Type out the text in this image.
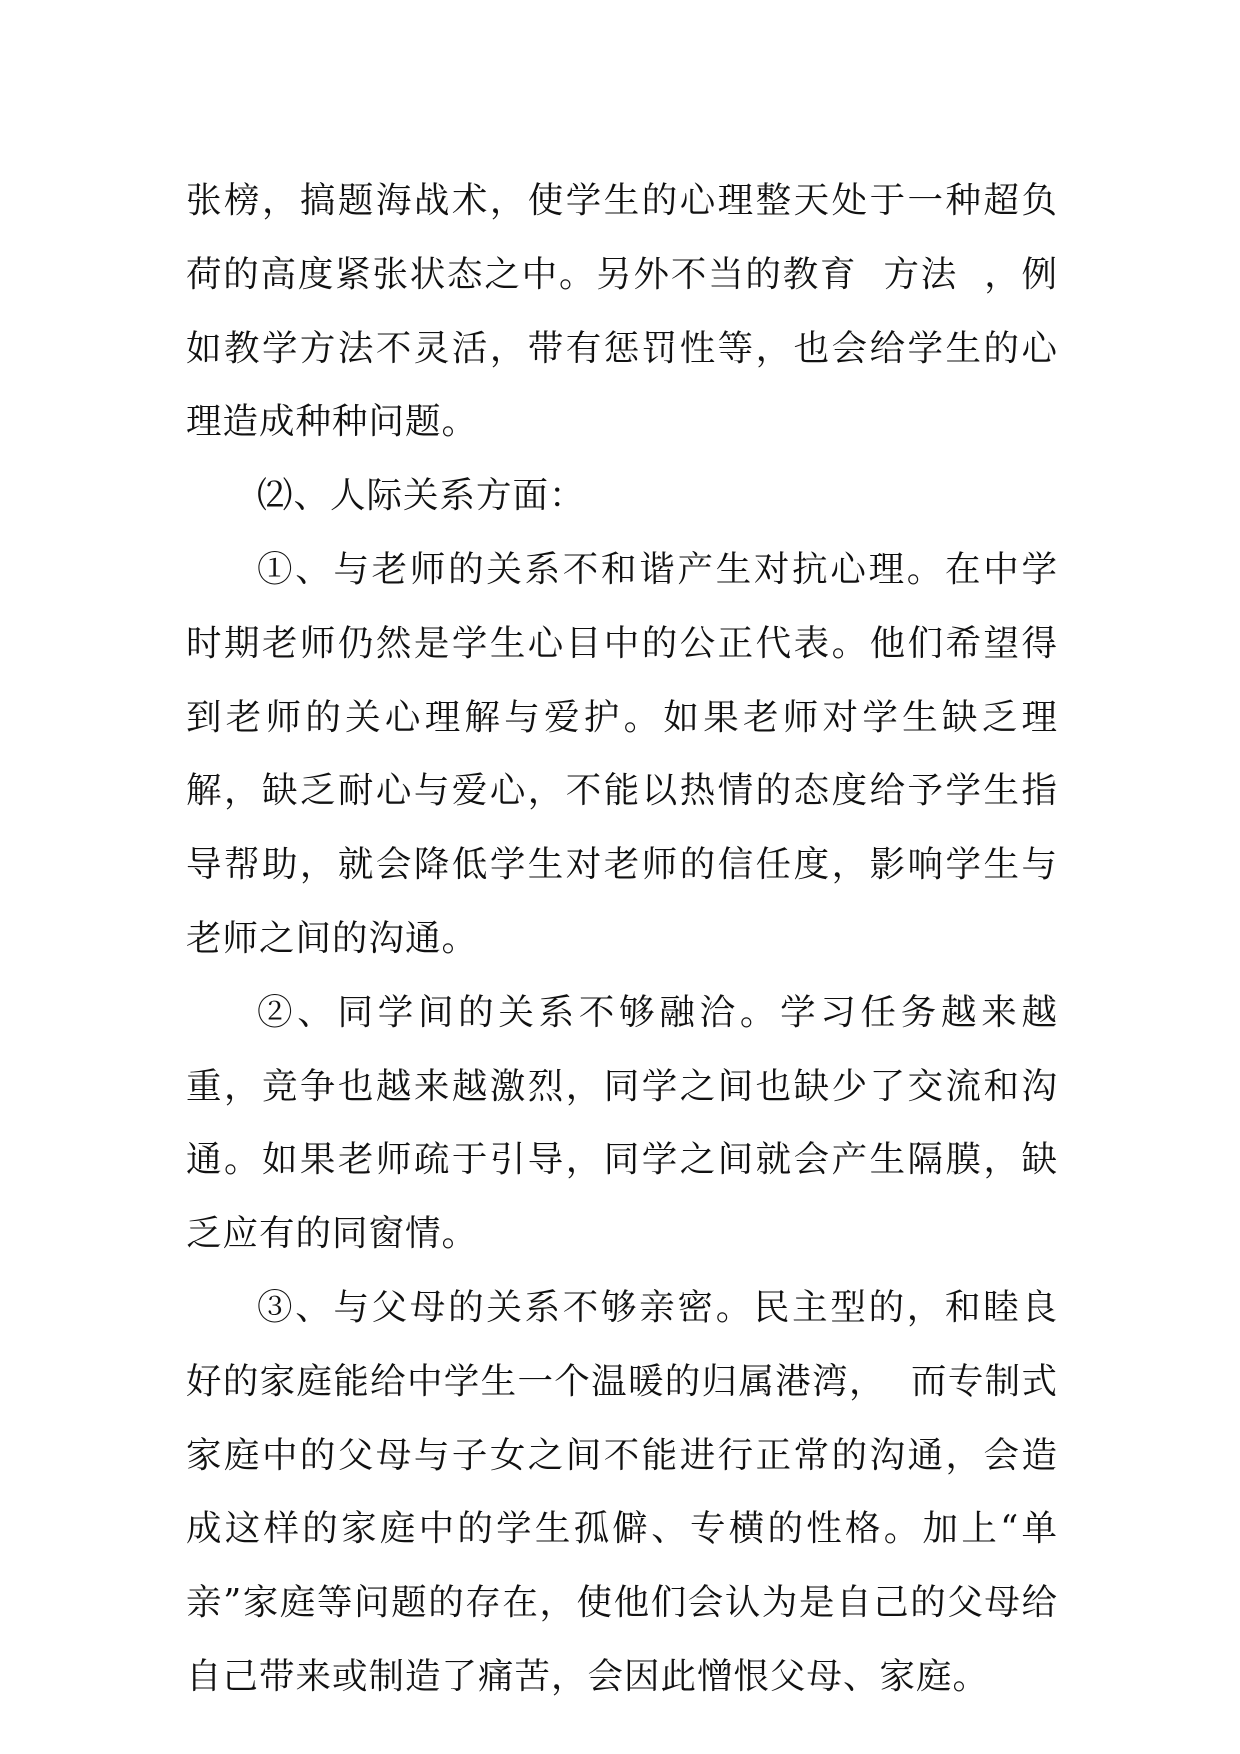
张榜，搞题海战术，使学生的心理整天处于一种超负荷的高度紧张状态之中。另外不当的教育  方法  ，例如教学方法不灵活，带有惩罚性等，也会给学生的心理造成种种问题。

⑵、人际关系方面：

①、与老师的关系不和谐产生对抗心理。在中学时期老师仍然是学生心目中的公正代表。他们希望得到老师的关心理解与爱护。如果老师对学生缺乏理解，缺乏耐心与爱心，不能以热情的态度给予学生指导帮助，就会降低学生对老师的信任度，影响学生与老师之间的沟通。

②、同学间的关系不够融洽。学习任务越来越重，竞争也越来越激烈，同学之间也缺少了交流和沟通。如果老师疏于引导，同学之间就会产生隔膜，缺乏应有的同窗情。

③、与父母的关系不够亲密。民主型的，和睦良好的家庭能给中学生一个温暖的归属港湾，  而专制式家庭中的父母与子女之间不能进行正常的沟通，会造成这样的家庭中的学生孤僻、专横的性格。加上“单亲”家庭等问题的存在，使他们会认为是自己的父母给自己带来或制造了痛苦，会因此憎恨父母、家庭。
